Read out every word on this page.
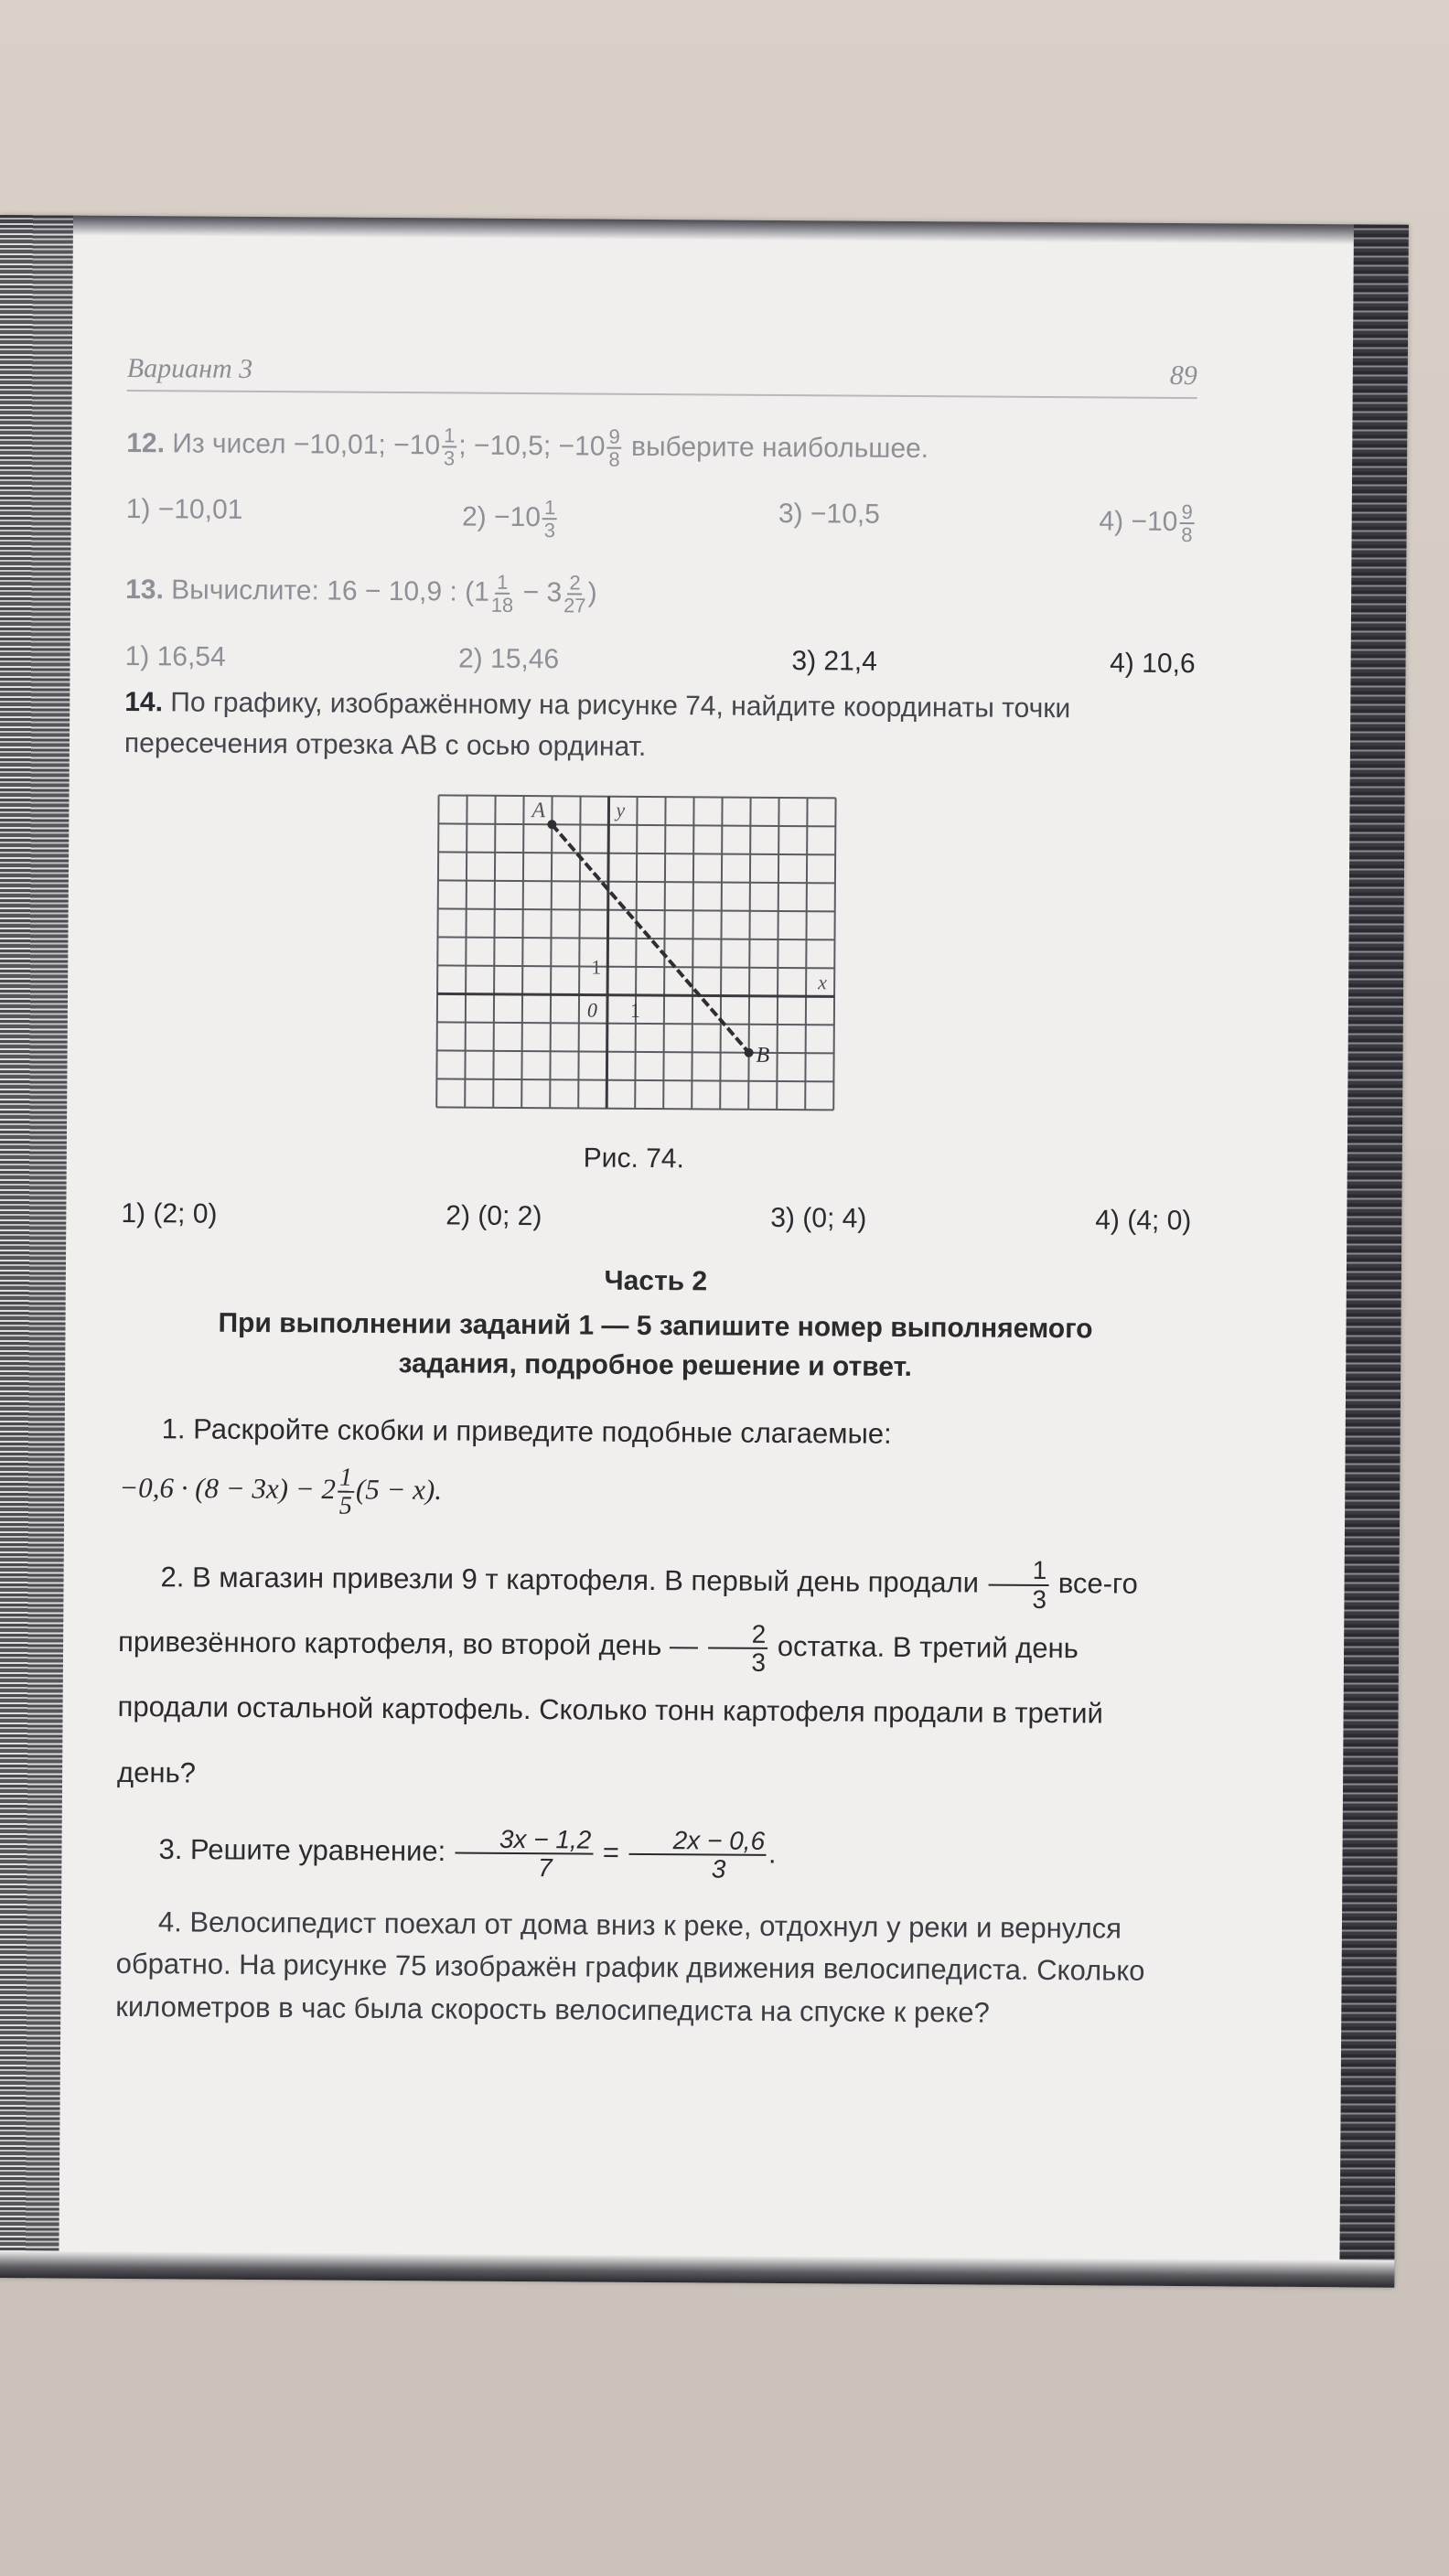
Вариант 3	89
12. Из чисел −10,01; $-10 \frac{1}{3}$ ; −10,5; $-10 \frac{9}{8}$ выберите наибольшее.
1) −10,01	$2) -10 \frac{1}{3}$	3) −10,5	$4) -10 \frac{9}{8}$
13. Вычислите: 16 − 10,9 : ($1 \frac{1}{18} - 3 \frac{2}{27}$ )
1) 16,54	2) 15,46	3) 21,4	4) 10,6
14. По графику, изображённому на рисунке 74, найдите координаты точки пересечения отрезка AB с осью ординат.
A
B
y
x
0 1
1
Рис. 74.
1) (2; 0)	2) (0; 2)	3) (0; 4)	4) (4; 0)
Часть 2
При выполнении заданий 1 — 5 запишите номер выполняемого
задания, подробное решение и ответ.
1. Раскройте скобки и приведите подобные слагаемые:
$-0,6 \cdot (8 - 3x) - 2 \frac{1}{5} (5 - x)$.
2. В магазин привезли 9 т картофеля. В первый день продали $\frac{1}{3} все-го$ привезённого картофеля, во второй день — $\frac{2}{3}$ остатка. В третий день продали остальной картофель. Сколько тонн картофеля продали в третий день?
3. Решите уравнение: $\frac{3x - 1,2}{7} = \frac{2x - 0,6}{3}$ .
4. Велосипедист поехал от дома вниз к реке, отдохнул у реки и вернулся обратно. На рисунке 75 изображён график движения велосипедиста. Сколько километров в час была скорость велосипедиста на спуске к реке?
